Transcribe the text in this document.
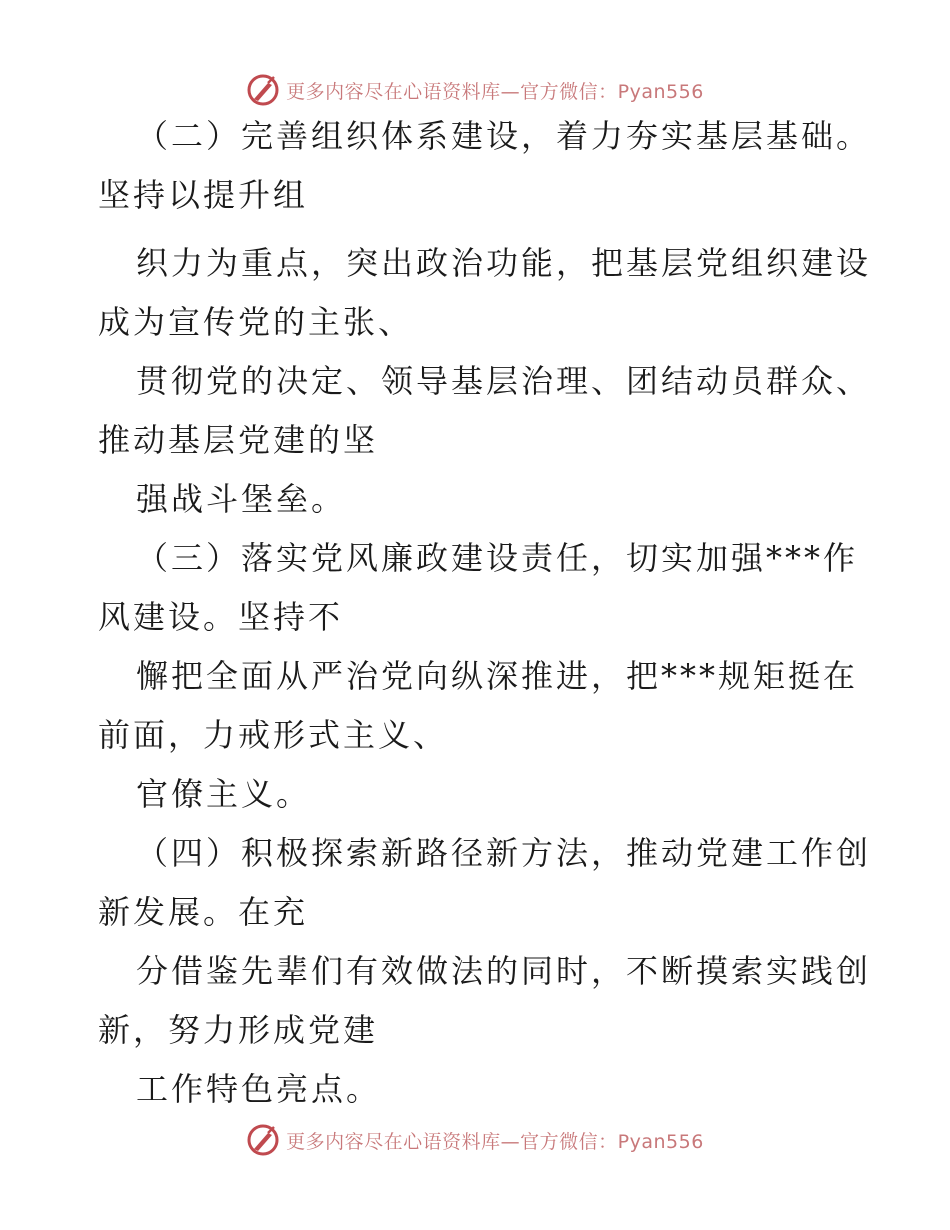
更多内容尽在心语资料库—官方微信：Pyan556
（二）完善组织体系建设，着力夯实基层基础。
坚持以提升组
织力为重点，突出政治功能，把基层党组织建设
成为宣传党的主张、
贯彻党的决定、领导基层治理、团结动员群众、
推动基层党建的坚
强战斗堡垒。
（三）落实党风廉政建设责任，切实加强***作
风建设。坚持不
懈把全面从严治党向纵深推进，把***规矩挺在
前面，力戒形式主义、
官僚主义。
（四）积极探索新路径新方法，推动党建工作创
新发展。在充
分借鉴先辈们有效做法的同时，不断摸索实践创
新，努力形成党建
工作特色亮点。
更多内容尽在心语资料库—官方微信：Pyan556
